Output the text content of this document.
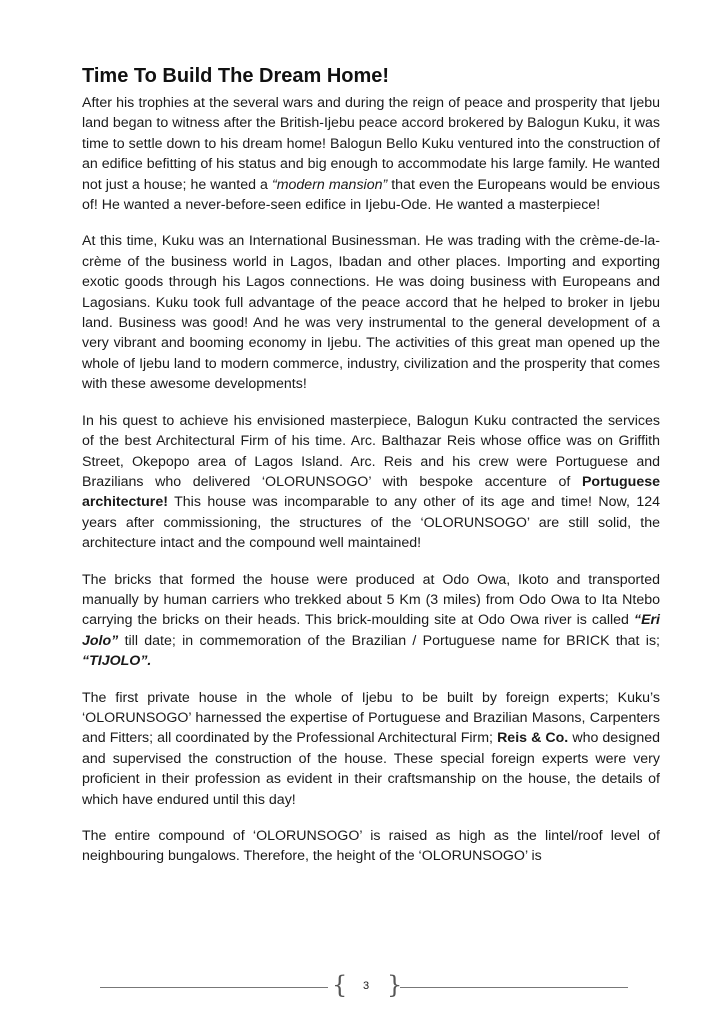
Time To Build The Dream Home!

After his trophies at the several wars and during the reign of peace and prosperity that Ijebu land began to witness after the British-Ijebu peace accord brokered by Balogun Kuku, it was time to settle down to his dream home! Balogun Bello Kuku ventured into the construction of an edifice befitting of his status and big enough to accommodate his large family. He wanted not just a house; he wanted a “modern mansion” that even the Europeans would be envious of! He wanted a never-before-seen edifice in Ijebu-Ode. He wanted a masterpiece!

At this time, Kuku was an International Businessman. He was trading with the crème-de-la-crème of the business world in Lagos, Ibadan and other places. Importing and exporting exotic goods through his Lagos connections. He was doing business with Europeans and Lagosians. Kuku took full advantage of the peace accord that he helped to broker in Ijebu land. Business was good! And he was very instrumental to the general development of a very vibrant and booming economy in Ijebu. The activities of this great man opened up the whole of Ijebu land to modern commerce, industry, civilization and the prosperity that comes with these awesome developments!

In his quest to achieve his envisioned masterpiece, Balogun Kuku contracted the services of the best Architectural Firm of his time. Arc. Balthazar Reis whose office was on Griffith Street, Okepopo area of Lagos Island. Arc. Reis and his crew were Portuguese and Brazilians who delivered ‘OLORUNSOGO’ with bespoke accenture of Portuguese architecture! This house was incomparable to any other of its age and time! Now, 124 years after commissioning, the structures of the ‘OLORUNSOGO’ are still solid, the architecture intact and the compound well maintained!

The bricks that formed the house were produced at Odo Owa, Ikoto and transported manually by human carriers who trekked about 5 Km (3 miles) from Odo Owa to Ita Ntebo carrying the bricks on their heads. This brick-moulding site at Odo Owa river is called “Eri Jolo” till date; in commemoration of the Brazilian / Portuguese name for BRICK that is; “TIJOLO”.

The first private house in the whole of Ijebu to be built by foreign experts; Kuku’s ‘OLORUNSOGO’ harnessed the expertise of Portuguese and Brazilian Masons, Carpenters and Fitters; all coordinated by the Professional Architectural Firm; Reis & Co. who designed and supervised the construction of the house. These special foreign experts were very proficient in their profession as evident in their craftsmanship on the house, the details of which have endured until this day!

The entire compound of ‘OLORUNSOGO’ is raised as high as the lintel/roof level of neighbouring bungalows. Therefore, the height of the ‘OLORUNSOGO’ is

{	3 }
